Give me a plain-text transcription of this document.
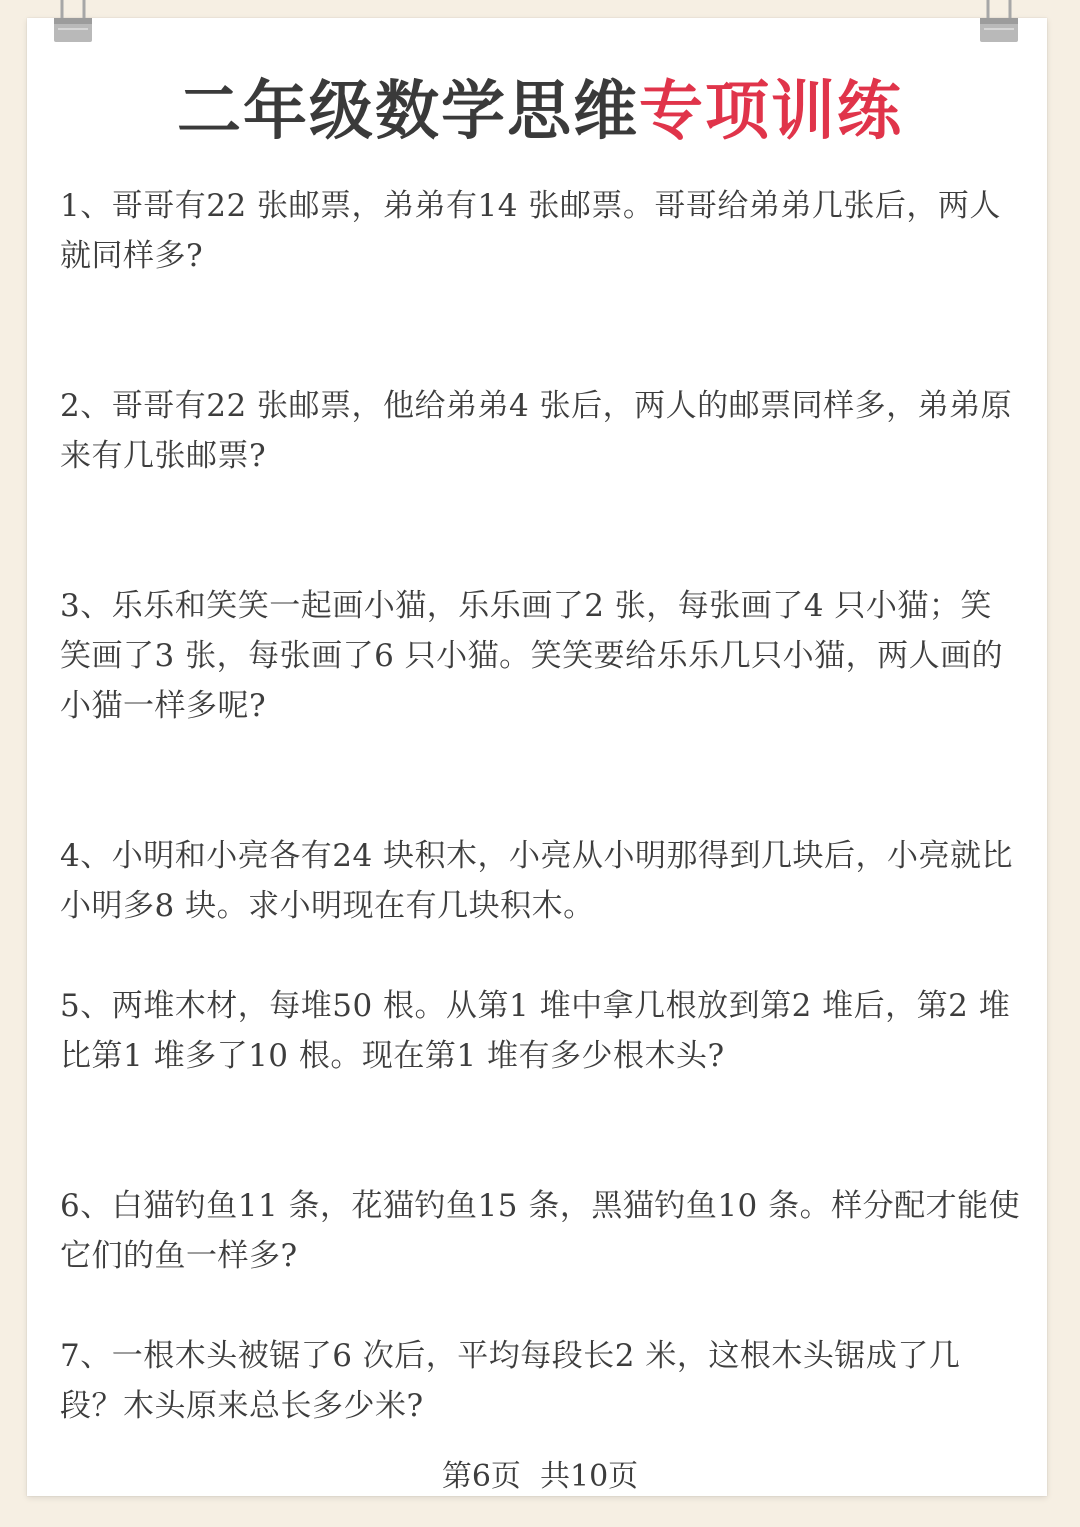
二年级数学思维专项训练
1、哥哥有22 张邮票，弟弟有14 张邮票。哥哥给弟弟几张后，两人就同样多?
2、哥哥有22 张邮票，他给弟弟4 张后，两人的邮票同样多，弟弟原来有几张邮票?
3、乐乐和笑笑一起画小猫，乐乐画了2 张，每张画了4 只小猫；笑笑画了3 张，每张画了6 只小猫。笑笑要给乐乐几只小猫，两人画的小猫一样多呢?
4、小明和小亮各有24 块积木，小亮从小明那得到几块后，小亮就比小明多8 块。求小明现在有几块积木。
5、两堆木材，每堆50 根。从第1 堆中拿几根放到第2 堆后，第2 堆比第1 堆多了10 根。现在第1 堆有多少根木头?
6、白猫钓鱼11 条，花猫钓鱼15 条，黑猫钓鱼10 条。样分配才能使它们的鱼一样多?
7、一根木头被锯了6 次后，平均每段长2 米，这根木头锯成了几段？木头原来总长多少米?
第6页  共10页
